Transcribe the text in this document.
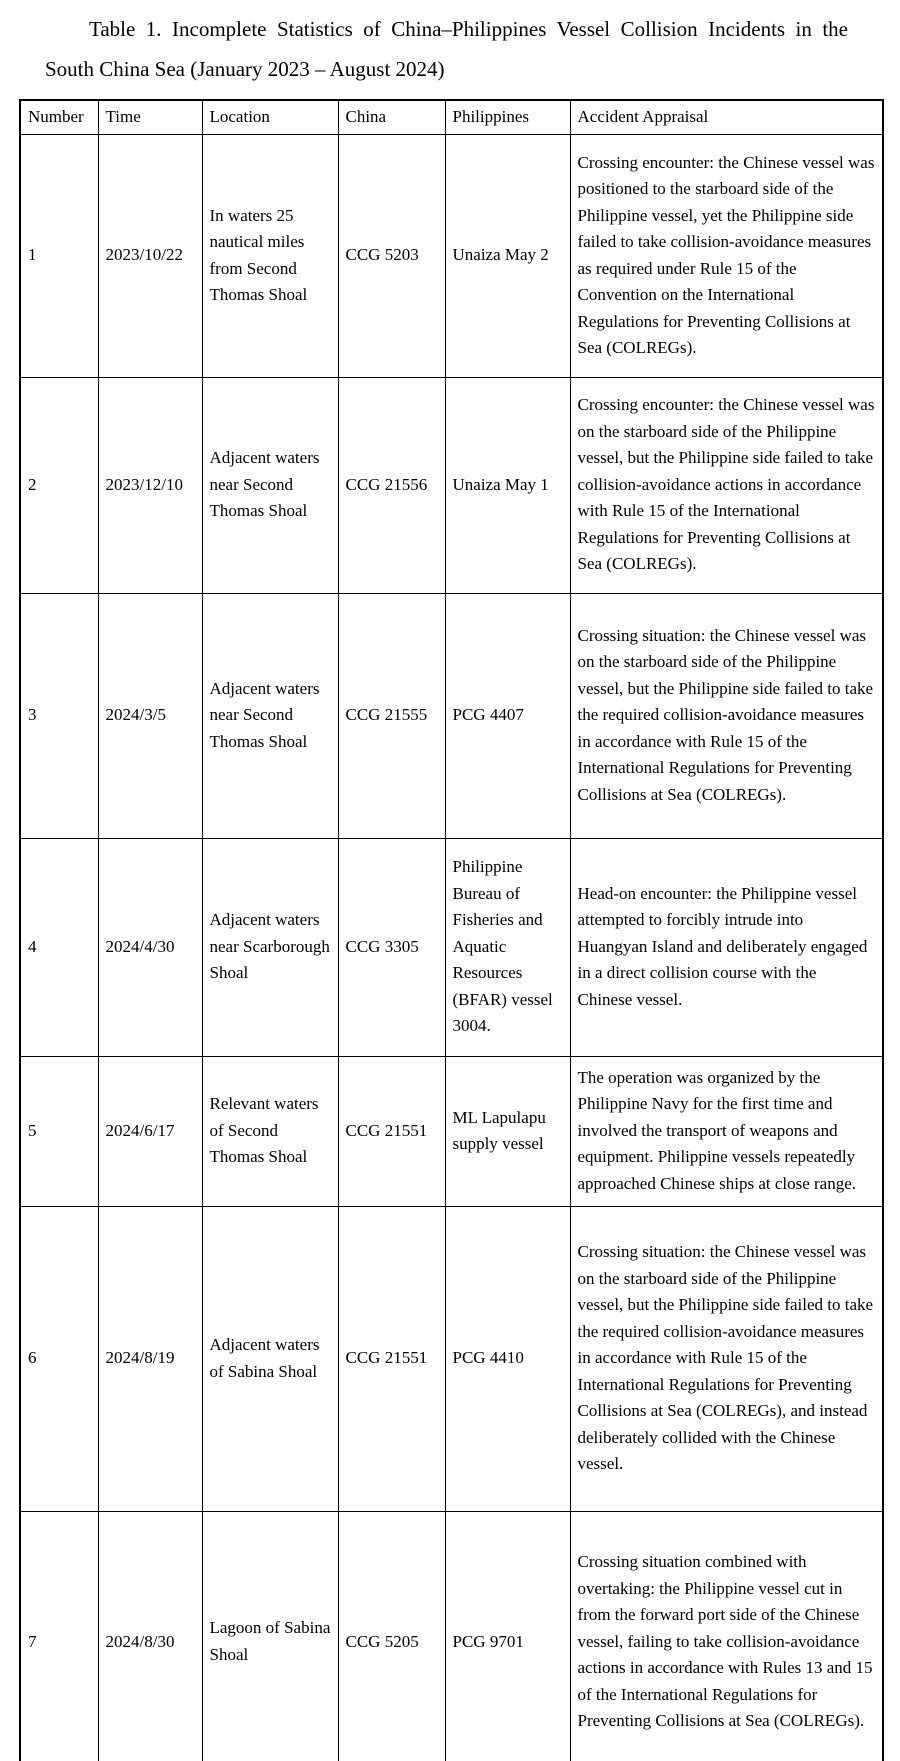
Table 1. Incomplete Statistics of China–Philippines Vessel Collision Incidents in the South China Sea (January 2023 – August 2024)

Number	Time	Location	China	Philippines	Accident Appraisal
1	2023/10/22	In waters 25 nautical miles from Second Thomas Shoal	CCG 5203	Unaiza May 2	Crossing encounter: the Chinese vessel was positioned to the starboard side of the Philippine vessel, yet the Philippine side failed to take collision-avoidance measures as required under Rule 15 of the Convention on the International Regulations for Preventing Collisions at Sea (COLREGs).
2	2023/12/10	Adjacent waters near Second Thomas Shoal	CCG 21556	Unaiza May 1	Crossing encounter: the Chinese vessel was on the starboard side of the Philippine vessel, but the Philippine side failed to take collision-avoidance actions in accordance with Rule 15 of the International Regulations for Preventing Collisions at Sea (COLREGs).
3	2024/3/5	Adjacent waters near Second Thomas Shoal	CCG 21555	PCG 4407	Crossing situation: the Chinese vessel was on the starboard side of the Philippine vessel, but the Philippine side failed to take the required collision-avoidance measures in accordance with Rule 15 of the International Regulations for Preventing Collisions at Sea (COLREGs).
4	2024/4/30	Adjacent waters near Scarborough Shoal	CCG 3305	Philippine Bureau of Fisheries and Aquatic Resources (BFAR) vessel 3004.	Head-on encounter: the Philippine vessel attempted to forcibly intrude into Huangyan Island and deliberately engaged in a direct collision course with the Chinese vessel.
5	2024/6/17	Relevant waters of Second Thomas Shoal	CCG 21551	ML Lapulapu supply vessel	The operation was organized by the Philippine Navy for the first time and involved the transport of weapons and equipment. Philippine vessels repeatedly approached Chinese ships at close range.
6	2024/8/19	Adjacent waters of Sabina Shoal	CCG 21551	PCG 4410	Crossing situation: the Chinese vessel was on the starboard side of the Philippine vessel, but the Philippine side failed to take the required collision-avoidance measures in accordance with Rule 15 of the International Regulations for Preventing Collisions at Sea (COLREGs), and instead deliberately collided with the Chinese vessel.
7	2024/8/30	Lagoon of Sabina Shoal	CCG 5205	PCG 9701	Crossing situation combined with overtaking: the Philippine vessel cut in from the forward port side of the Chinese vessel, failing to take collision-avoidance actions in accordance with Rules 13 and 15 of the International Regulations for Preventing Collisions at Sea (COLREGs).
